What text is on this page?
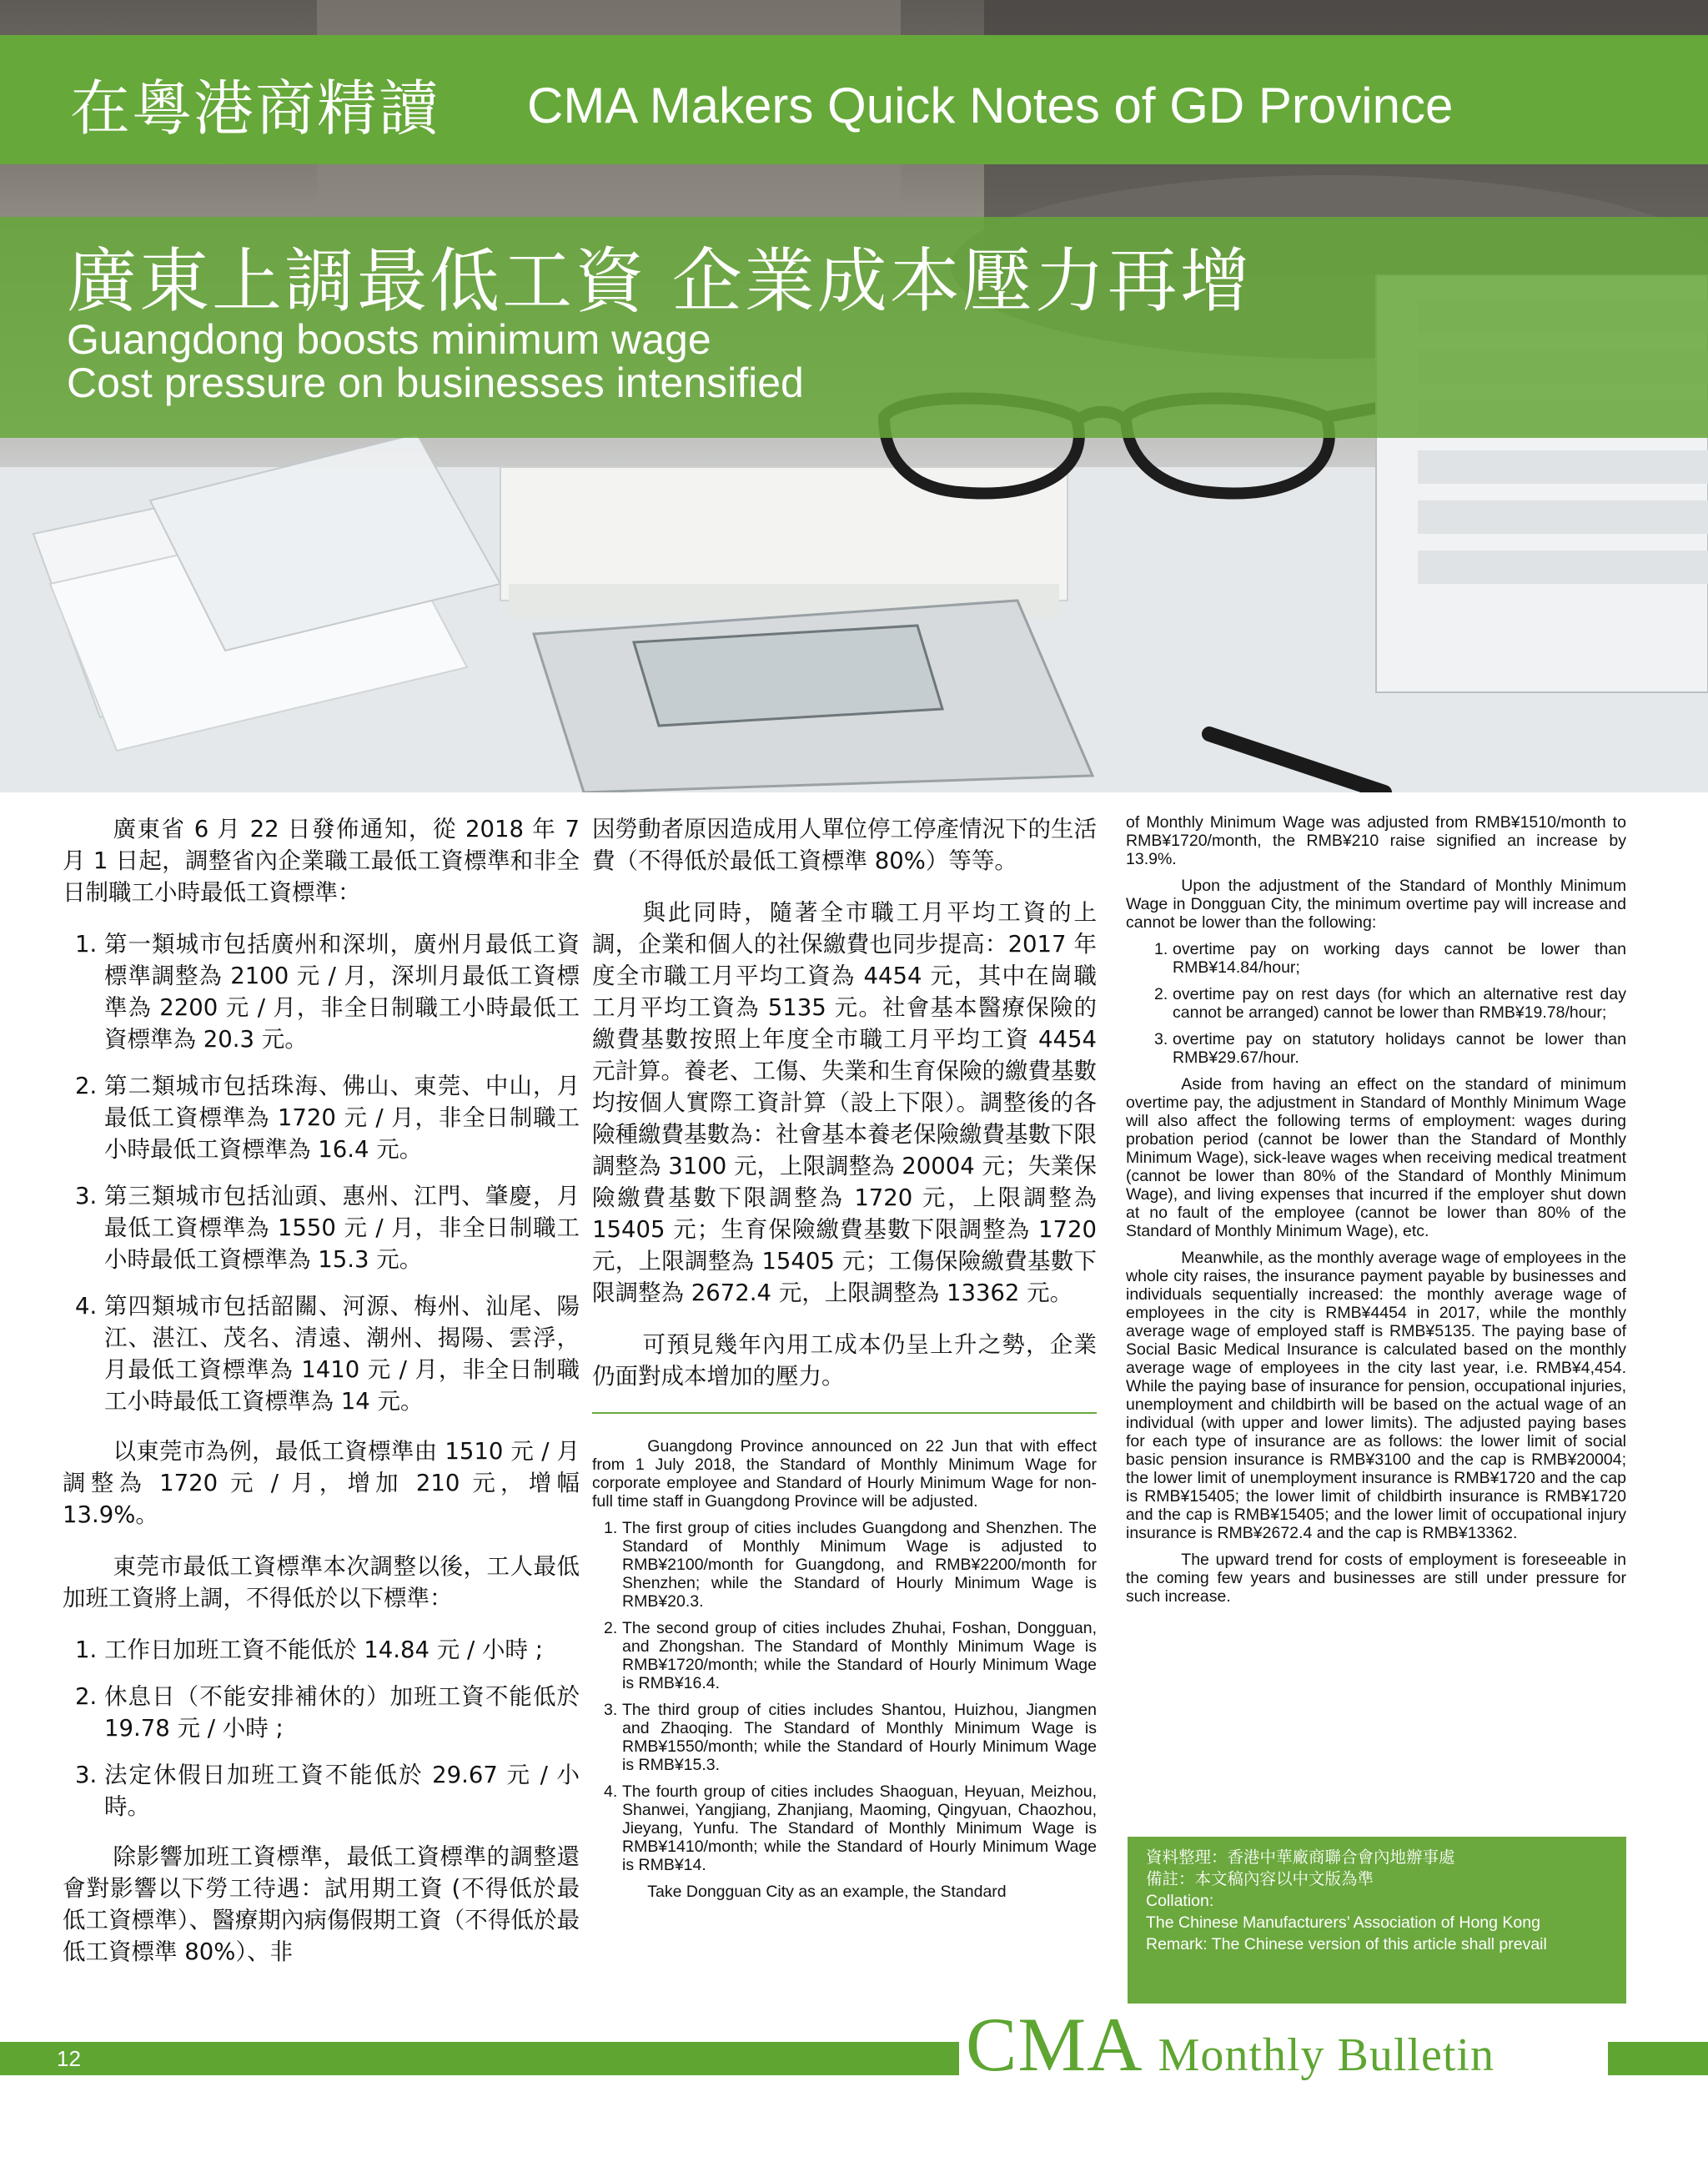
在粵港商精讀 CMA Makers Quick Notes of GD Province
廣東上調最低工資 企業成本壓力再增
Guangdong boosts minimum wage
Cost pressure on businesses intensified

廣東省 6 月 22 日發佈通知，從 2018 年 7 月 1 日起，調整省內企業職工最低工資標準和非全日制職工小時最低工資標準：

1. 第一類城市包括廣州和深圳，廣州月最低工資標準調整為 2100 元 / 月，深圳月最低工資標準為 2200 元 / 月，非全日制職工小時最低工資標準為 20.3 元。
2. 第二類城市包括珠海、佛山、東莞、中山，月最低工資標準為 1720 元 / 月，非全日制職工小時最低工資標準為 16.4 元。
3. 第三類城市包括汕頭、惠州、江門、肇慶，月最低工資標準為 1550 元 / 月，非全日制職工小時最低工資標準為 15.3 元。
4. 第四類城市包括韶關、河源、梅州、汕尾、陽江、湛江、茂名、清遠、潮州、揭陽、雲浮，月最低工資標準為 1410 元 / 月，非全日制職工小時最低工資標準為 14 元。

以東莞市為例，最低工資標準由 1510 元 / 月調整為 1720 元 / 月，增加 210 元，增幅 13.9%。

東莞市最低工資標準本次調整以後，工人最低加班工資將上調，不得低於以下標準：

1. 工作日加班工資不能低於 14.84 元 / 小時 ;
2. 休息日（不能安排補休的）加班工資不能低於 19.78 元 / 小時 ;
3. 法定休假日加班工資不能低於 29.67 元 / 小時。

除影響加班工資標準，最低工資標準的調整還會對影響以下勞工待遇：試用期工資 (不得低於最低工資標準）、醫療期內病傷假期工資（不得低於最低工資標準 80%）、非

因勞動者原因造成用人單位停工停產情況下的生活費（不得低於最低工資標準 80%）等等。

與此同時，隨著全市職工月平均工資的上調，企業和個人的社保繳費也同步提高：2017 年度全市職工月平均工資為 4454 元，其中在崗職工月平均工資為 5135 元。社會基本醫療保險的繳費基數按照上年度全市職工月平均工資 4454 元計算。養老、工傷、失業和生育保險的繳費基數均按個人實際工資計算（設上下限）。調整後的各險種繳費基數為：社會基本養老保險繳費基數下限調整為 3100 元，上限調整為 20004 元；失業保險繳費基數下限調整為 1720 元，上限調整為 15405 元；生育保險繳費基數下限調整為 1720 元，上限調整為 15405 元；工傷保險繳費基數下限調整為 2672.4 元，上限調整為 13362 元。

可預見幾年內用工成本仍呈上升之勢，企業仍面對成本增加的壓力。

Guangdong Province announced on 22 Jun that with effect from 1 July 2018, the Standard of Monthly Minimum Wage for corporate employee and Standard of Hourly Minimum Wage for non-full time staff in Guangdong Province will be adjusted.

1. The first group of cities includes Guangdong and Shenzhen. The Standard of Monthly Minimum Wage is adjusted to RMB¥2100/month for Guangdong, and RMB¥2200/month for Shenzhen; while the Standard of Hourly Minimum Wage is RMB¥20.3.
2. The second group of cities includes Zhuhai, Foshan, Dongguan, and Zhongshan. The Standard of Monthly Minimum Wage is RMB¥1720/month; while the Standard of Hourly Minimum Wage is RMB¥16.4.
3. The third group of cities includes Shantou, Huizhou, Jiangmen and Zhaoqing. The Standard of Monthly Minimum Wage is RMB¥1550/month; while the Standard of Hourly Minimum Wage is RMB¥15.3.
4. The fourth group of cities includes Shaoguan, Heyuan, Meizhou, Shanwei, Yangjiang, Zhanjiang, Maoming, Qingyuan, Chaozhou, Jieyang, Yunfu. The Standard of Monthly Minimum Wage is RMB¥1410/month; while the Standard of Hourly Minimum Wage is RMB¥14.

Take Dongguan City as an example, the Standard

of Monthly Minimum Wage was adjusted from RMB¥1510/month to RMB¥1720/month, the RMB¥210 raise signified an increase by 13.9%.

Upon the adjustment of the Standard of Monthly Minimum Wage in Dongguan City, the minimum overtime pay will increase and cannot be lower than the following:

1. overtime pay on working days cannot be lower than RMB¥14.84/hour;
2. overtime pay on rest days (for which an alternative rest day cannot be arranged) cannot be lower than RMB¥19.78/hour;
3. overtime pay on statutory holidays cannot be lower than RMB¥29.67/hour.

Aside from having an effect on the standard of minimum overtime pay, the adjustment in Standard of Monthly Minimum Wage will also affect the following terms of employment: wages during probation period (cannot be lower than the Standard of Monthly Minimum Wage), sick-leave wages when receiving medical treatment (cannot be lower than 80% of the Standard of Monthly Minimum Wage), and living expenses that incurred if the employer shut down at no fault of the employee (cannot be lower than 80% of the Standard of Monthly Minimum Wage), etc.

Meanwhile, as the monthly average wage of employees in the whole city raises, the insurance payment payable by businesses and individuals sequentially increased: the monthly average wage of employees in the city is RMB¥4454 in 2017, while the monthly average wage of employed staff is RMB¥5135. The paying base of Social Basic Medical Insurance is calculated based on the monthly average wage of employees in the city last year, i.e. RMB¥4,454. While the paying base of insurance for pension, occupational injuries, unemployment and childbirth will be based on the actual wage of an individual (with upper and lower limits). The adjusted paying bases for each type of insurance are as follows: the lower limit of social basic pension insurance is RMB¥3100 and the cap is RMB¥20004; the lower limit of unemployment insurance is RMB¥1720 and the cap is RMB¥15405; the lower limit of childbirth insurance is RMB¥1720 and the cap is RMB¥15405; and the lower limit of occupational injury insurance is RMB¥2672.4 and the cap is RMB¥13362.

The upward trend for costs of employment is foreseeable in the coming few years and businesses are still under pressure for such increase.

資料整理：香港中華廠商聯合會內地辦事處
備註：本文稿內容以中文版為準
Collation:
The Chinese Manufacturers’ Association of Hong Kong
Remark: The Chinese version of this article shall prevail
12	CMA Monthly Bulletin
